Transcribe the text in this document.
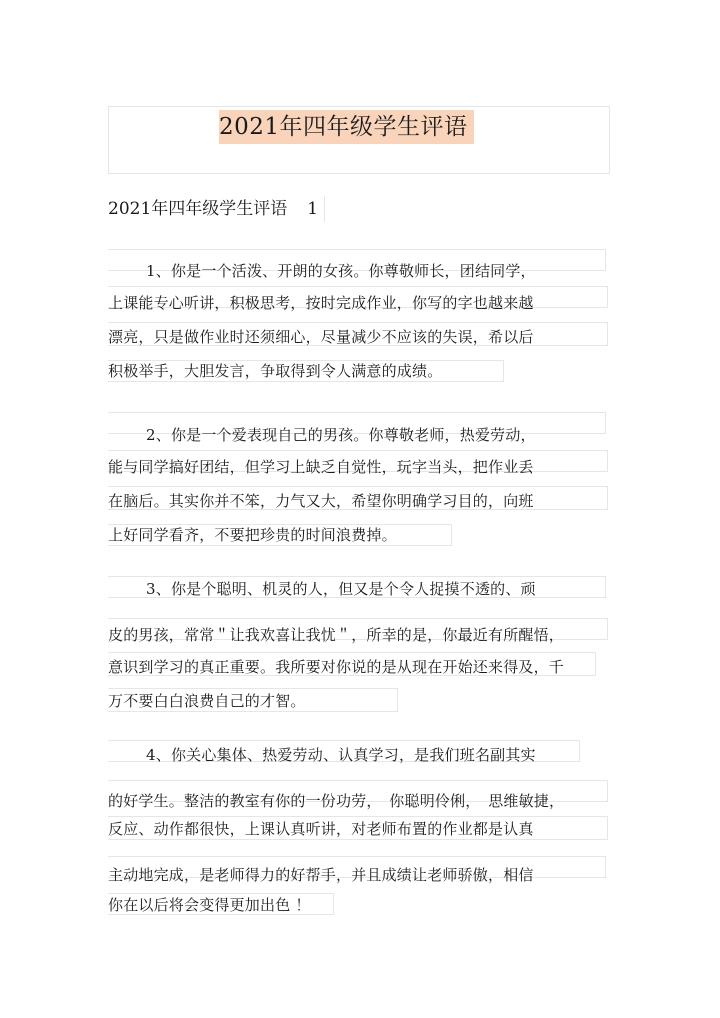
2021年四年级学生评语
2021年四年级学生评语 1
1、你是一个活泼、开朗的女孩。你尊敬师长，团结同学，
上课能专心听讲，积极思考，按时完成作业，你写的字也越来越
漂亮，只是做作业时还须细心，尽量减少不应该的失误，希以后
积极举手，大胆发言，争取得到令人满意的成绩。
2、你是一个爱表现自己的男孩。你尊敬老师，热爱劳动，
能与同学搞好团结，但学习上缺乏自觉性，玩字当头，把作业丢
在脑后。其实你并不笨，力气又大，希望你明确学习目的，向班
上好同学看齐，不要把珍贵的时间浪费掉。
3、你是个聪明、机灵的人，但又是个令人捉摸不透的、顽
皮的男孩，常常＂让我欢喜让我忧＂，所幸的是，你最近有所醒悟，
意识到学习的真正重要。我所要对你说的是从现在开始还来得及，千
万不要白白浪费自己的才智。
4、你关心集体、热爱劳动、认真学习，是我们班名副其实
的好学生。整洁的教室有你的一份功劳，　你聪明伶俐，　思维敏捷，
反应、动作都很快，上课认真听讲，对老师布置的作业都是认真
主动地完成，是老师得力的好帮手，并且成绩让老师骄傲，相信
你在以后将会变得更加出色 ！
